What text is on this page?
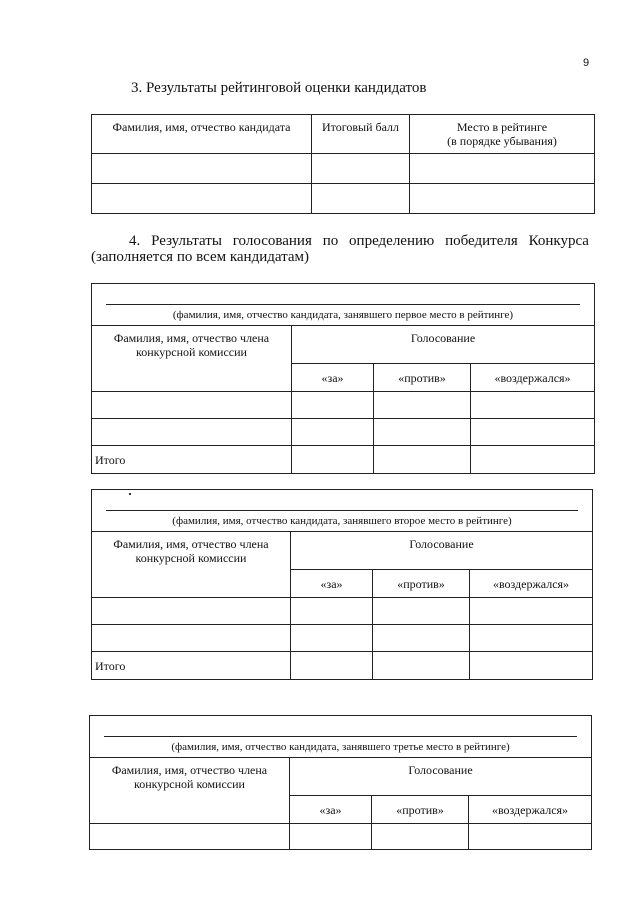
9
3. Результаты рейтинговой оценки кандидатов
Фамилия, имя, отчество кандидата	Итоговый балл	Место в рейтинге
(в порядке убывания)

4. Результаты голосования по определению победителя Конкурса
(заполняется по всем кандидатам)
(фамилия, имя, отчество кандидата, занявшего первое место в рейтинге)			

Фамилия, имя, отчество члена
конкурсной комиссии	Голосование		
	«за»	«против»	«воздержался»

Итого			
(фамилия, имя, отчество кандидата, занявшего второе место в рейтинге)			

Фамилия, имя, отчество члена
конкурсной комиссии	Голосование		
	«за»	«против»	«воздержался»

Итого			
(фамилия, имя, отчество кандидата, занявшего третье место в рейтинге)			

Фамилия, имя, отчество члена
конкурсной комиссии	Голосование		
	«за»	«против»	«воздержался»
